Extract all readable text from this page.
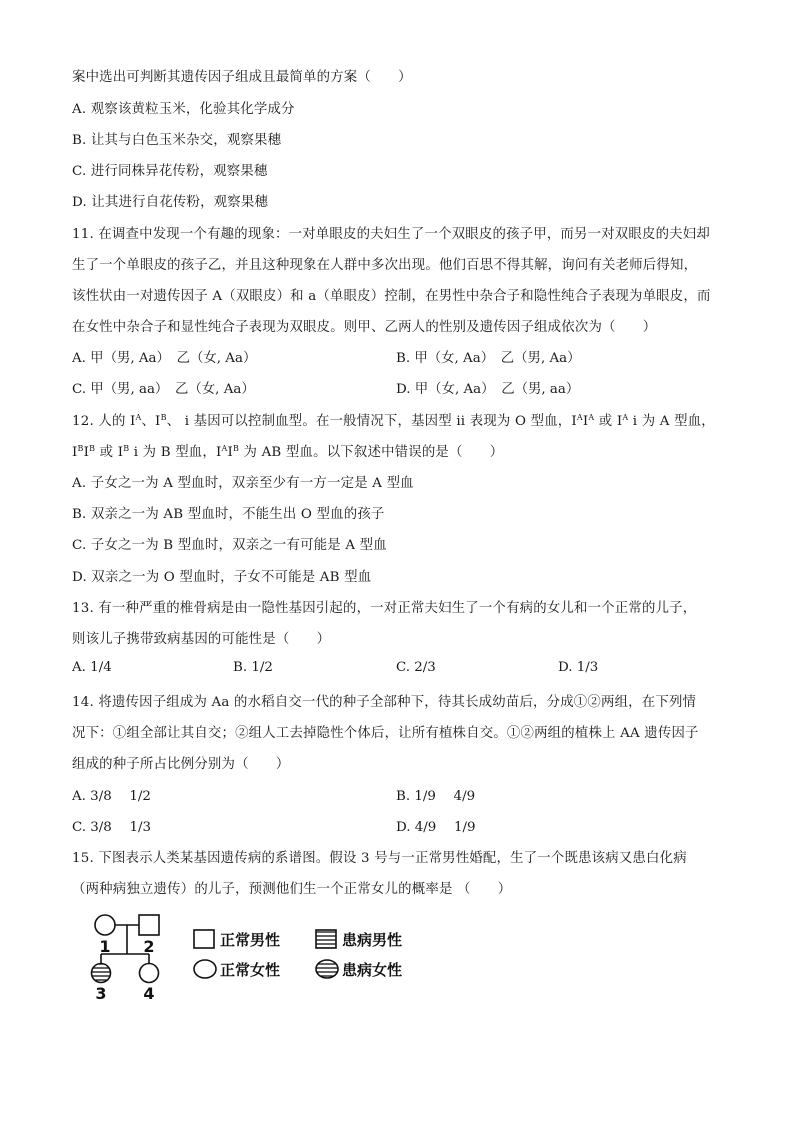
案中选出可判断其遗传因子组成且最简单的方案（　　）
A. 观察该黄粒玉米，化验其化学成分
B. 让其与白色玉米杂交，观察果穗
C. 进行同株异花传粉，观察果穗
D. 让其进行自花传粉，观察果穗
11. 在调查中发现一个有趣的现象：一对单眼皮的夫妇生了一个双眼皮的孩子甲，而另一对双眼皮的夫妇却
生了一个单眼皮的孩子乙，并且这种现象在人群中多次出现。他们百思不得其解，询问有关老师后得知，
该性状由一对遗传因子 A（双眼皮）和 a（单眼皮）控制，在男性中杂合子和隐性纯合子表现为单眼皮，而
在女性中杂合子和显性纯合子表现为双眼皮。则甲、乙两人的性别及遗传因子组成依次为（　　）
A. 甲（男, Aa）　乙（女, Aa）	B. 甲（女, Aa）　乙（男, Aa）
C. 甲（男, aa）　乙（女, Aa）	D. 甲（女, Aa）　乙（男, aa）
12. 人的 $I^A$、$I^B$、 i 基因可以控制血型。在一般情况下，基因型 ii 表现为 O 型血，$I^AI^A$ 或 $I^A$ i 为 A 型血，
$I^BI^B$ 或 $I^B$ i 为 B 型血，$I^AI^B$ 为 AB 型血。以下叙述中错误的是（　　）
A. 子女之一为 A 型血时，双亲至少有一方一定是 A 型血
B. 双亲之一为 AB 型血时，不能生出 O 型血的孩子
C. 子女之一为 B 型血时，双亲之一有可能是 A 型血
D. 双亲之一为 O 型血时，子女不可能是 AB 型血
13. 有一种严重的椎骨病是由一隐性基因引起的，一对正常夫妇生了一个有病的女儿和一个正常的儿子，
则该儿子携带致病基因的可能性是（　　）
A. 1/4	B. 1/2	C. 2/3	D. 1/3
14. 将遗传因子组成为 Aa 的水稻自交一代的种子全部种下，待其长成幼苗后，分成①②两组，在下列情
况下：①组全部让其自交；②组人工去掉隐性个体后，让所有植株自交。①②两组的植株上 AA 遗传因子
组成的种子所占比例分别为（　　）
A. 3/8　 1/2	B. 1/9　 4/9
C. 3/8　 1/3	D. 4/9　 1/9
15. 下图表示人类某基因遗传病的系谱图。假设 3 号与一正常男性婚配，生了一个既患该病又患白化病
（两种病独立遗传）的儿子，预测他们生一个正常女儿的概率是 （　　）
1 2
3 4
正常男性	患病男性
正常女性	患病女性
